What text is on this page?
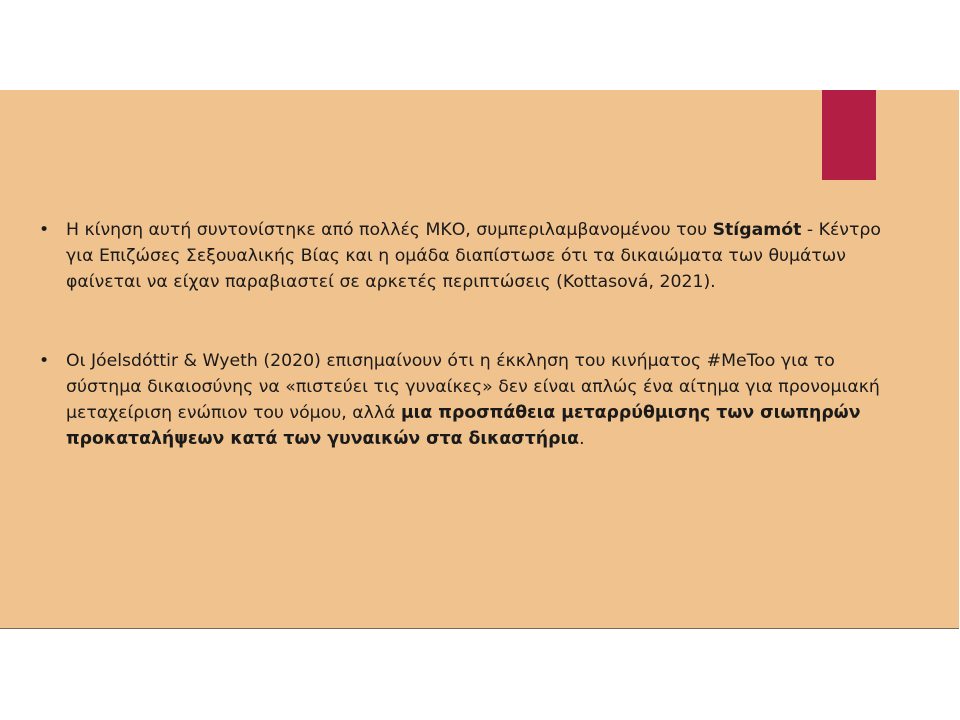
• Η κίνηση αυτή συντονίστηκε από πολλές ΜΚΟ, συμπεριλαμβανομένου του Stígamót - Κέντρο για Επιζώσες Σεξουαλικής Βίας και η ομάδα διαπίστωσε ότι τα δικαιώματα των θυμάτων φαίνεται να είχαν παραβιαστεί σε αρκετές περιπτώσεις (Kottasová, 2021).
• Οι Jóelsdóttir & Wyeth (2020) επισημαίνουν ότι η έκκληση του κινήματος #MeToo για το σύστημα δικαιοσύνης να «πιστεύει τις γυναίκες» δεν είναι απλώς ένα αίτημα για προνομιακή μεταχείριση ενώπιον του νόμου, αλλά μια προσπάθεια μεταρρύθμισης των σιωπηρών προκαταλήψεων κατά των γυναικών στα δικαστήρια.
